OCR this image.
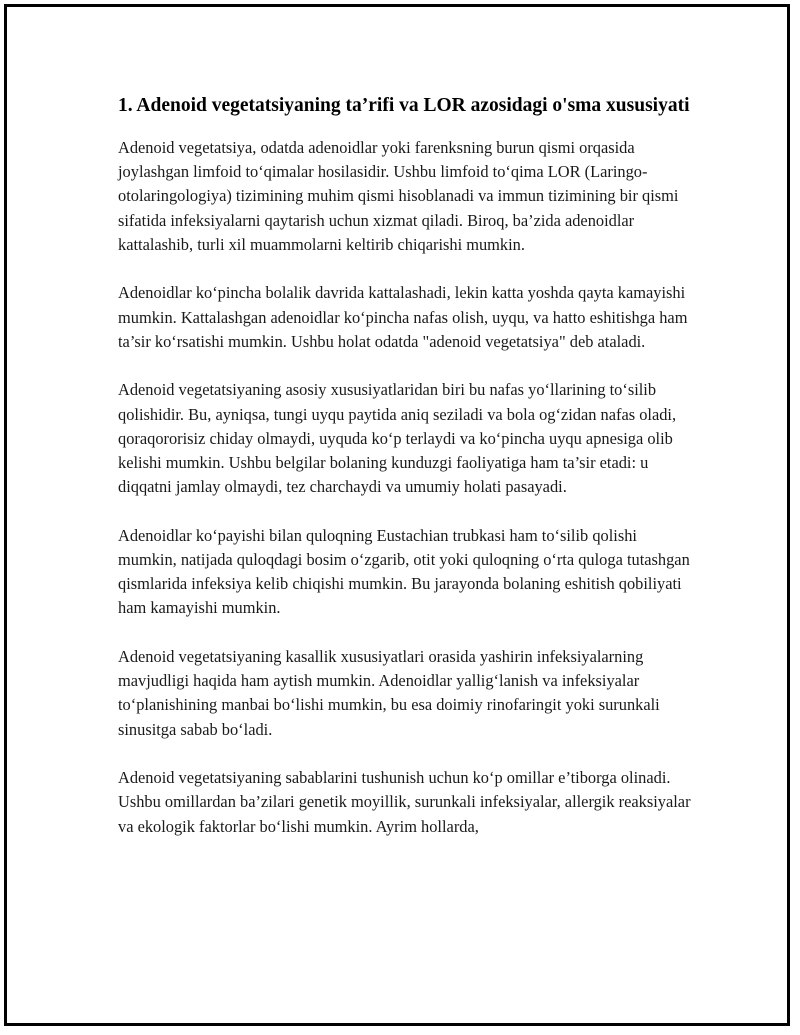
1. Adenoid vegetatsiyaning ta’rifi va LOR azosidagi o'sma xususiyati

Adenoid vegetatsiya, odatda adenoidlar yoki farenksning burun qismi orqasida joylashgan limfoid to‘qimalar hosilasidir. Ushbu limfoid to‘qima LOR (Laringo-otolaringologiya) tizimining muhim qismi hisoblanadi va immun tizimining bir qismi sifatida infeksiyalarni qaytarish uchun xizmat qiladi. Biroq, ba’zida adenoidlar kattalashib, turli xil muammolarni keltirib chiqarishi mumkin.

Adenoidlar ko‘pincha bolalik davrida kattalashadi, lekin katta yoshda qayta kamayishi mumkin. Kattalashgan adenoidlar ko‘pincha nafas olish, uyqu, va hatto eshitishga ham ta’sir ko‘rsatishi mumkin. Ushbu holat odatda "adenoid vegetatsiya" deb ataladi.

Adenoid vegetatsiyaning asosiy xususiyatlaridan biri bu nafas yo‘llarining to‘silib qolishidir. Bu, ayniqsa, tungi uyqu paytida aniq seziladi va bola og‘zidan nafas oladi, qoraqororisiz chiday olmaydi, uyquda ko‘p terlaydi va ko‘pincha uyqu apnesiga olib kelishi mumkin. Ushbu belgilar bolaning kunduzgi faoliyatiga ham ta’sir etadi: u diqqatni jamlay olmaydi, tez charchaydi va umumiy holati pasayadi.

Adenoidlar ko‘payishi bilan quloqning Eustachian trubkasi ham to‘silib qolishi mumkin, natijada quloqdagi bosim o‘zgarib, otit yoki quloqning o‘rta quloga tutashgan qismlarida infeksiya kelib chiqishi mumkin. Bu jarayonda bolaning eshitish qobiliyati ham kamayishi mumkin.

Adenoid vegetatsiyaning kasallik xususiyatlari orasida yashirin infeksiyalarning mavjudligi haqida ham aytish mumkin. Adenoidlar yallig‘lanish va infeksiyalar to‘planishining manbai bo‘lishi mumkin, bu esa doimiy rinofaringit yoki surunkali sinusitga sabab bo‘ladi.

Adenoid vegetatsiyaning sabablarini tushunish uchun ko‘p omillar e’tiborga olinadi. Ushbu omillardan ba’zilari genetik moyillik, surunkali infeksiyalar, allergik reaksiyalar va ekologik faktorlar bo‘lishi mumkin. Ayrim hollarda,
